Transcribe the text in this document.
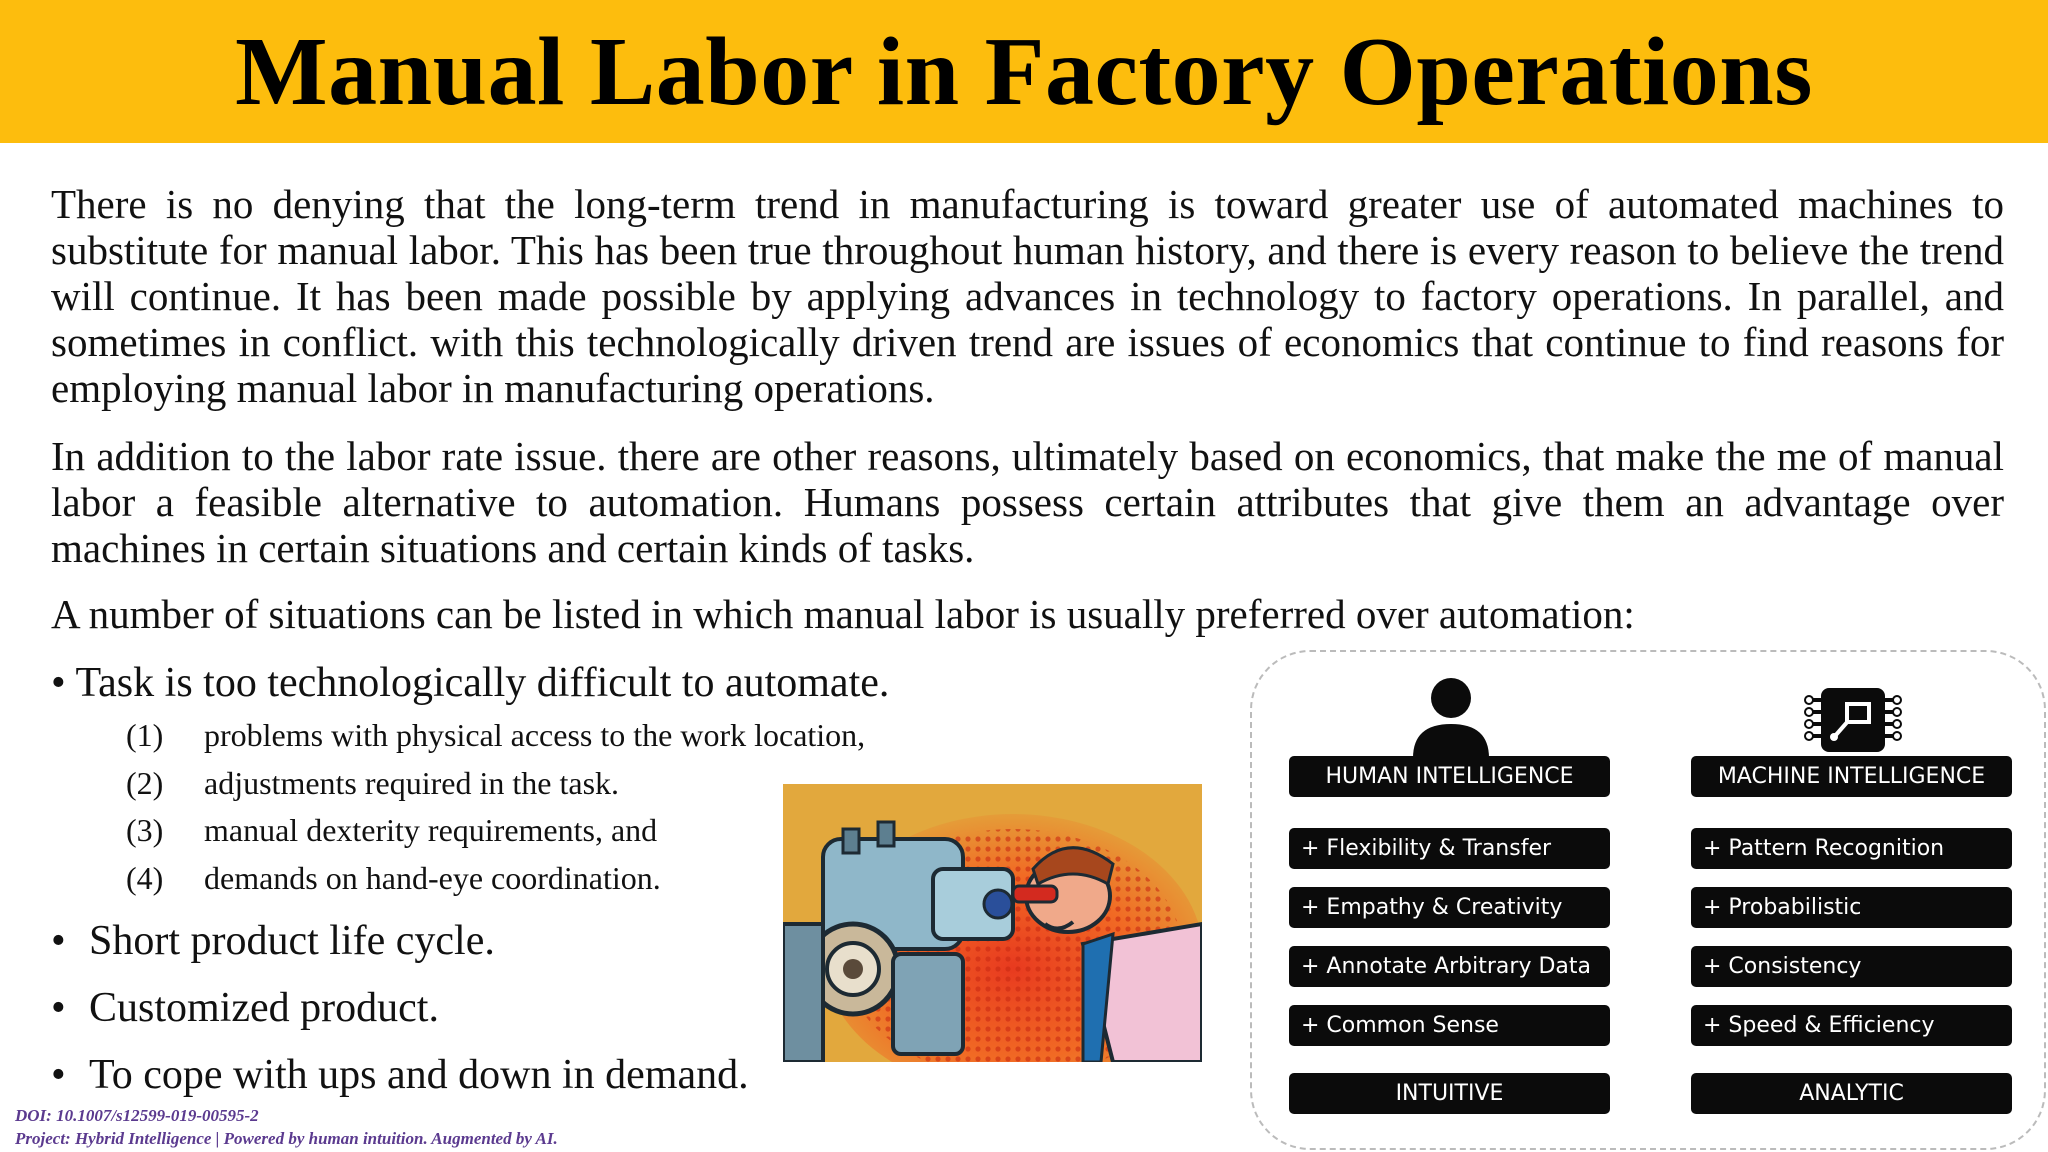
Manual Labor in Factory Operations

There is no denying that the long-term trend in manufacturing is toward greater use of automated machines to substitute for manual labor. This has been true throughout human history, and there is every reason to believe the trend will continue. It has been made possible by applying advances in technology to factory operations. In parallel, and sometimes in conflict. with this technologically driven trend are issues of economics that continue to find reasons for employing manual labor in manufacturing operations.

In addition to the labor rate issue. there are other reasons, ultimately based on economics, that make the me of manual labor a feasible alternative to automation. Humans possess certain attributes that give them an advantage over machines in certain situations and certain kinds of tasks.

A number of situations can be listed in which manual labor is usually preferred over automation:

• Task is too technologically difficult to automate.

(1)	problems with physical access to the work location,
(2)	adjustments required in the task.
(3)	manual dexterity requirements, and
(4)	demands on hand-eye coordination.

• Short product life cycle.

• Customized product.

• To cope with ups and down in demand.

HUMAN INTELLIGENCE
+ Flexibility & Transfer
+ Empathy & Creativity
+ Annotate Arbitrary Data
+ Common Sense
INTUITIVE
MACHINE INTELLIGENCE
+ Pattern Recognition
+ Probabilistic
+ Consistency
+ Speed & Efficiency
ANALYTIC
DOI: 10.1007/s12599-019-00595-2
Project: Hybrid Intelligence | Powered by human intuition. Augmented by AI.
